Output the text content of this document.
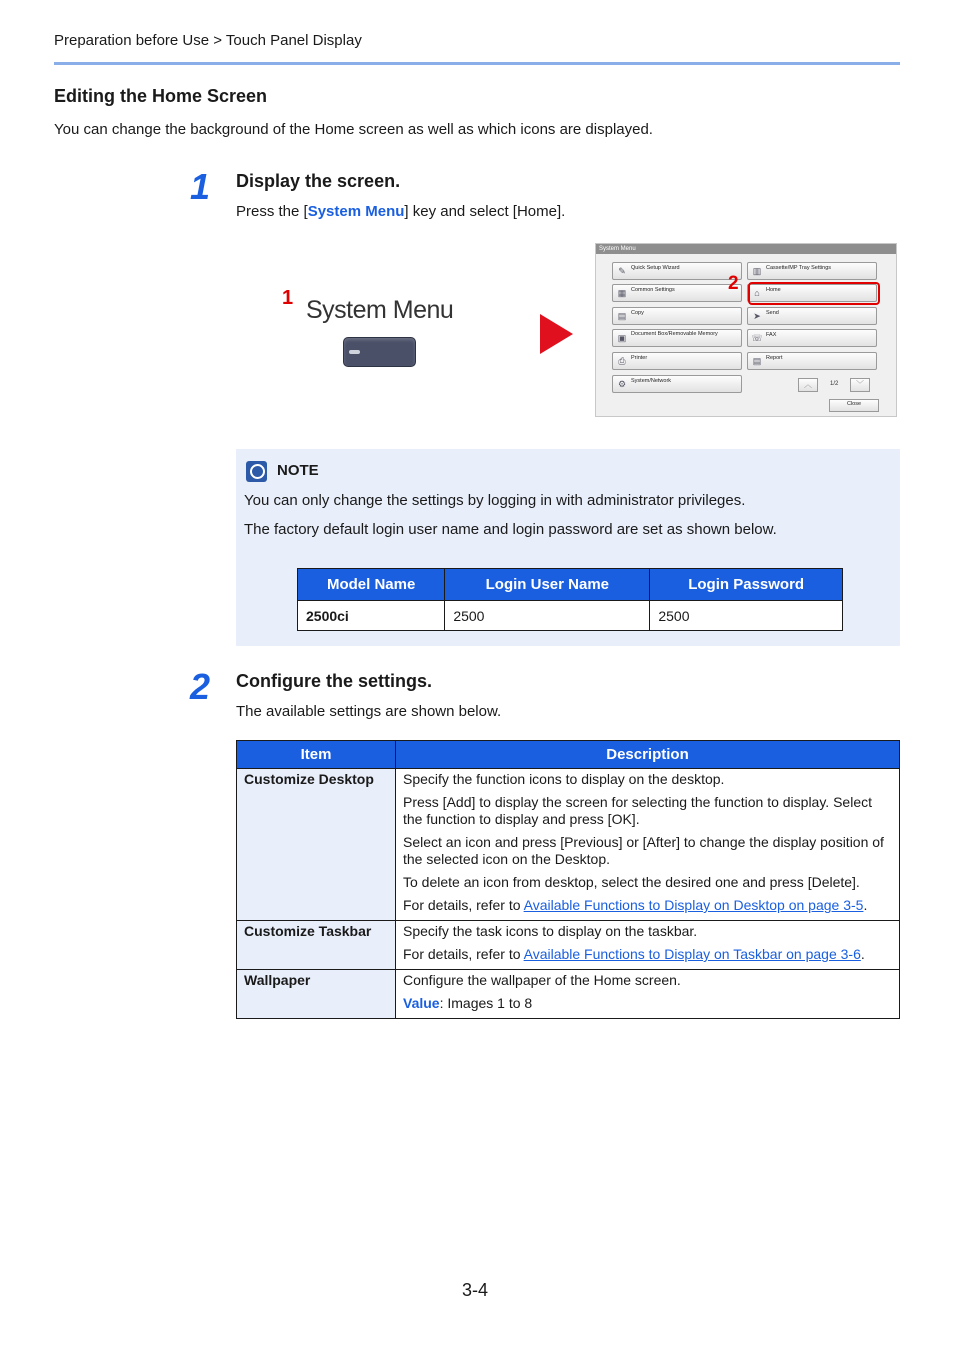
Preparation before Use > Touch Panel Display
Editing the Home Screen
You can change the background of the Home screen as well as which icons are displayed.
1 Display the screen.
Press the [System Menu] key and select [Home].
1 System Menu
System Menu
✎ Quick Setup Wizard
▦ Common Settings
▤ Copy
▣ Document Box/Removable Memory
⎙ Printer
⚙ System/Network
▥ Cassette/MP Tray Settings
⌂	Home
➤ Send
☏ FAX
▤ Report
2
︿	1/2	﹀
Close
NOTE
You can only change the settings by logging in with administrator privileges.
The factory default login user name and login password are set as shown below.
Model Name	Login User Name	Login Password
2500ci	2500	2500
2 Configure the settings.
The available settings are shown below.
Item	Description
Customize Desktop	Specify the function icons to display on the desktop.

Press [Add] to display the screen for selecting the function to display. Select the function to display and press [OK].

Select an icon and press [Previous] or [After] to change the display position of the selected icon on the Desktop.

To delete an icon from desktop, select the desired one and press [Delete].

For details, refer to Available Functions to Display on Desktop on page 3-5.

Customize Taskbar	Specify the task icons to display on the taskbar.

For details, refer to Available Functions to Display on Taskbar on page 3-6.

Wallpaper	Configure the wallpaper of the Home screen.

Value: Images 1 to 8

3-4
